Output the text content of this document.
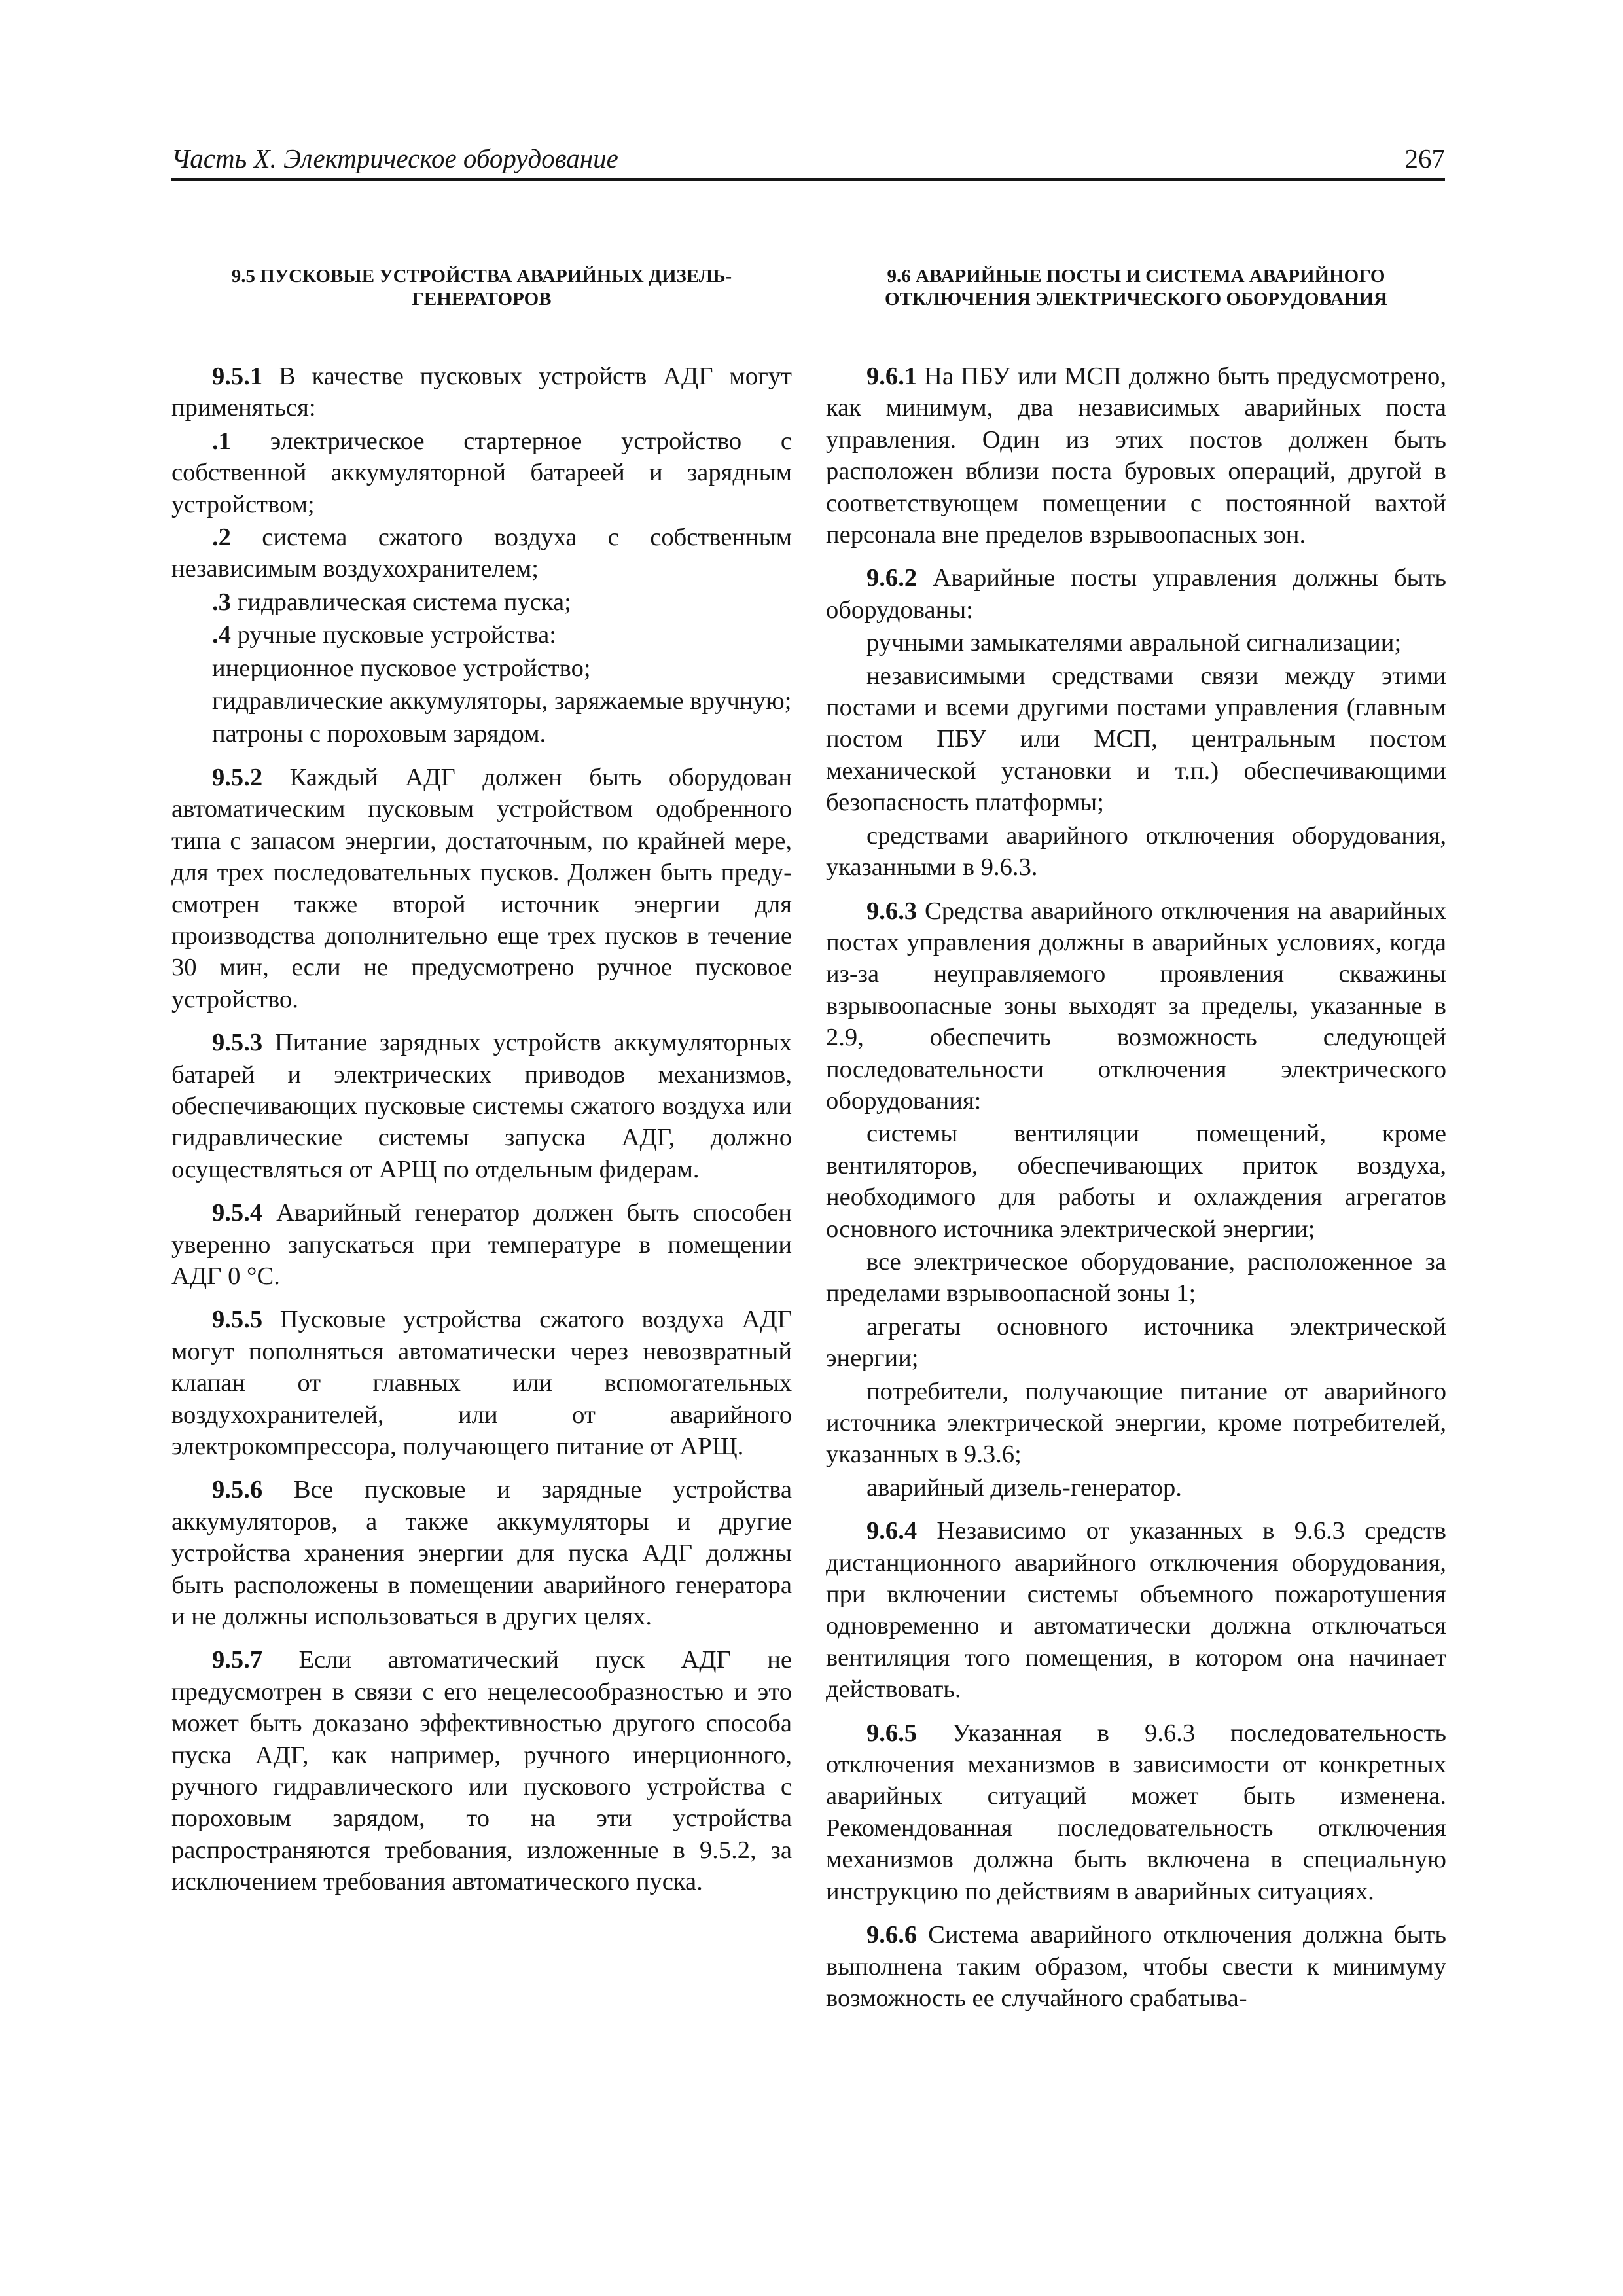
Часть X. Электрическое оборудование	267
9.5 ПУСКОВЫЕ УСТРОЙСТВА АВАРИЙНЫХ ДИЗЕЛЬ-ГЕНЕРАТОРОВ

9.5.1 В качестве пусковых устройств АДГ могут применяться:

.1 электрическое стартерное устройство с собственной аккумуляторной батареей и зарядным устройством;

.2 система сжатого воздуха с собственным независимым воздухохранителем;

.3 гидравлическая система пуска;

.4 ручные пусковые устройства:

инерционное пусковое устройство;

гидравлические аккумуляторы, заряжаемые вручную;

патроны с пороховым зарядом.

9.5.2 Каждый АДГ должен быть оборудован автоматическим пусковым устройством одобренного типа с запасом энергии, достаточным, по крайней мере, для трех последовательных пусков. Должен быть преду-смотрен также второй источник энергии для производства дополнительно еще трех пусков в течение 30 мин, если не предусмотрено ручное пусковое устройство.

9.5.3 Питание зарядных устройств аккумуляторных батарей и электрических приводов механизмов, обеспечивающих пусковые системы сжатого воздуха или гидравлические системы запуска АДГ, должно осуществляться от АРЩ по отдельным фидерам.

9.5.4 Аварийный генератор должен быть способен уверенно запускаться при температуре в помещении АДГ 0 °С.

9.5.5 Пусковые устройства сжатого воздуха АДГ могут пополняться автоматически через невозвратный клапан от главных или вспомогательных воздухохранителей, или от аварийного электрокомпрессора, получающего питание от АРЩ.

9.5.6 Все пусковые и зарядные устройства аккумуляторов, а также аккумуляторы и другие устройства хранения энергии для пуска АДГ должны быть расположены в помещении аварийного генератора и не должны использоваться в других целях.

9.5.7 Если автоматический пуск АДГ не предусмотрен в связи с его нецелесообразностью и это может быть доказано эффективностью другого способа пуска АДГ, как например, ручного инерционного, ручного гидравлического или пускового устройства с пороховым зарядом, то на эти устройства распространяются требования, изложенные в 9.5.2, за исключением требования автоматического пуска.

9.6 АВАРИЙНЫЕ ПОСТЫ И СИСТЕМА АВАРИЙНОГО ОТКЛЮЧЕНИЯ ЭЛЕКТРИЧЕСКОГО ОБОРУДОВАНИЯ

9.6.1 На ПБУ или МСП должно быть предусмотрено, как минимум, два независимых аварийных поста управления. Один из этих постов должен быть расположен вблизи поста буровых операций, другой в соответствующем помещении с постоянной вахтой персонала вне пределов взрывоопасных зон.

9.6.2 Аварийные посты управления должны быть оборудованы:

ручными замыкателями авральной сигнализации;

независимыми средствами связи между этими постами и всеми другими постами управления (главным постом ПБУ или МСП, центральным постом механической установки и т.п.) обеспечивающими безопасность платформы;

средствами аварийного отключения оборудования, указанными в 9.6.3.

9.6.3 Средства аварийного отключения на аварийных постах управления должны в аварийных условиях, когда из-за неуправляемого проявления скважины взрывоопасные зоны выходят за пределы, указанные в 2.9, обеспечить возможность следующей последовательности отключения электрического оборудования:

системы вентиляции помещений, кроме вентиляторов, обеспечивающих приток воздуха, необходимого для работы и охлаждения агрегатов основного источника электрической энергии;

все электрическое оборудование, расположенное за пределами взрывоопасной зоны 1;

агрегаты основного источника электрической энергии;

потребители, получающие питание от аварийного источника электрической энергии, кроме потребителей, указанных в 9.3.6;

аварийный дизель-генератор.

9.6.4 Независимо от указанных в 9.6.3 средств дистанционного аварийного отключения оборудования, при включении системы объемного пожаротушения одновременно и автоматически должна отключаться вентиляция того помещения, в котором она начинает действовать.

9.6.5 Указанная в 9.6.3 последовательность отключения механизмов в зависимости от конкретных аварийных ситуаций может быть изменена. Рекомендованная последовательность отключения механизмов должна быть включена в специальную инструкцию по действиям в аварийных ситуациях.

9.6.6 Система аварийного отключения должна быть выполнена таким образом, чтобы свести к минимуму возможность ее случайного срабатыва-
